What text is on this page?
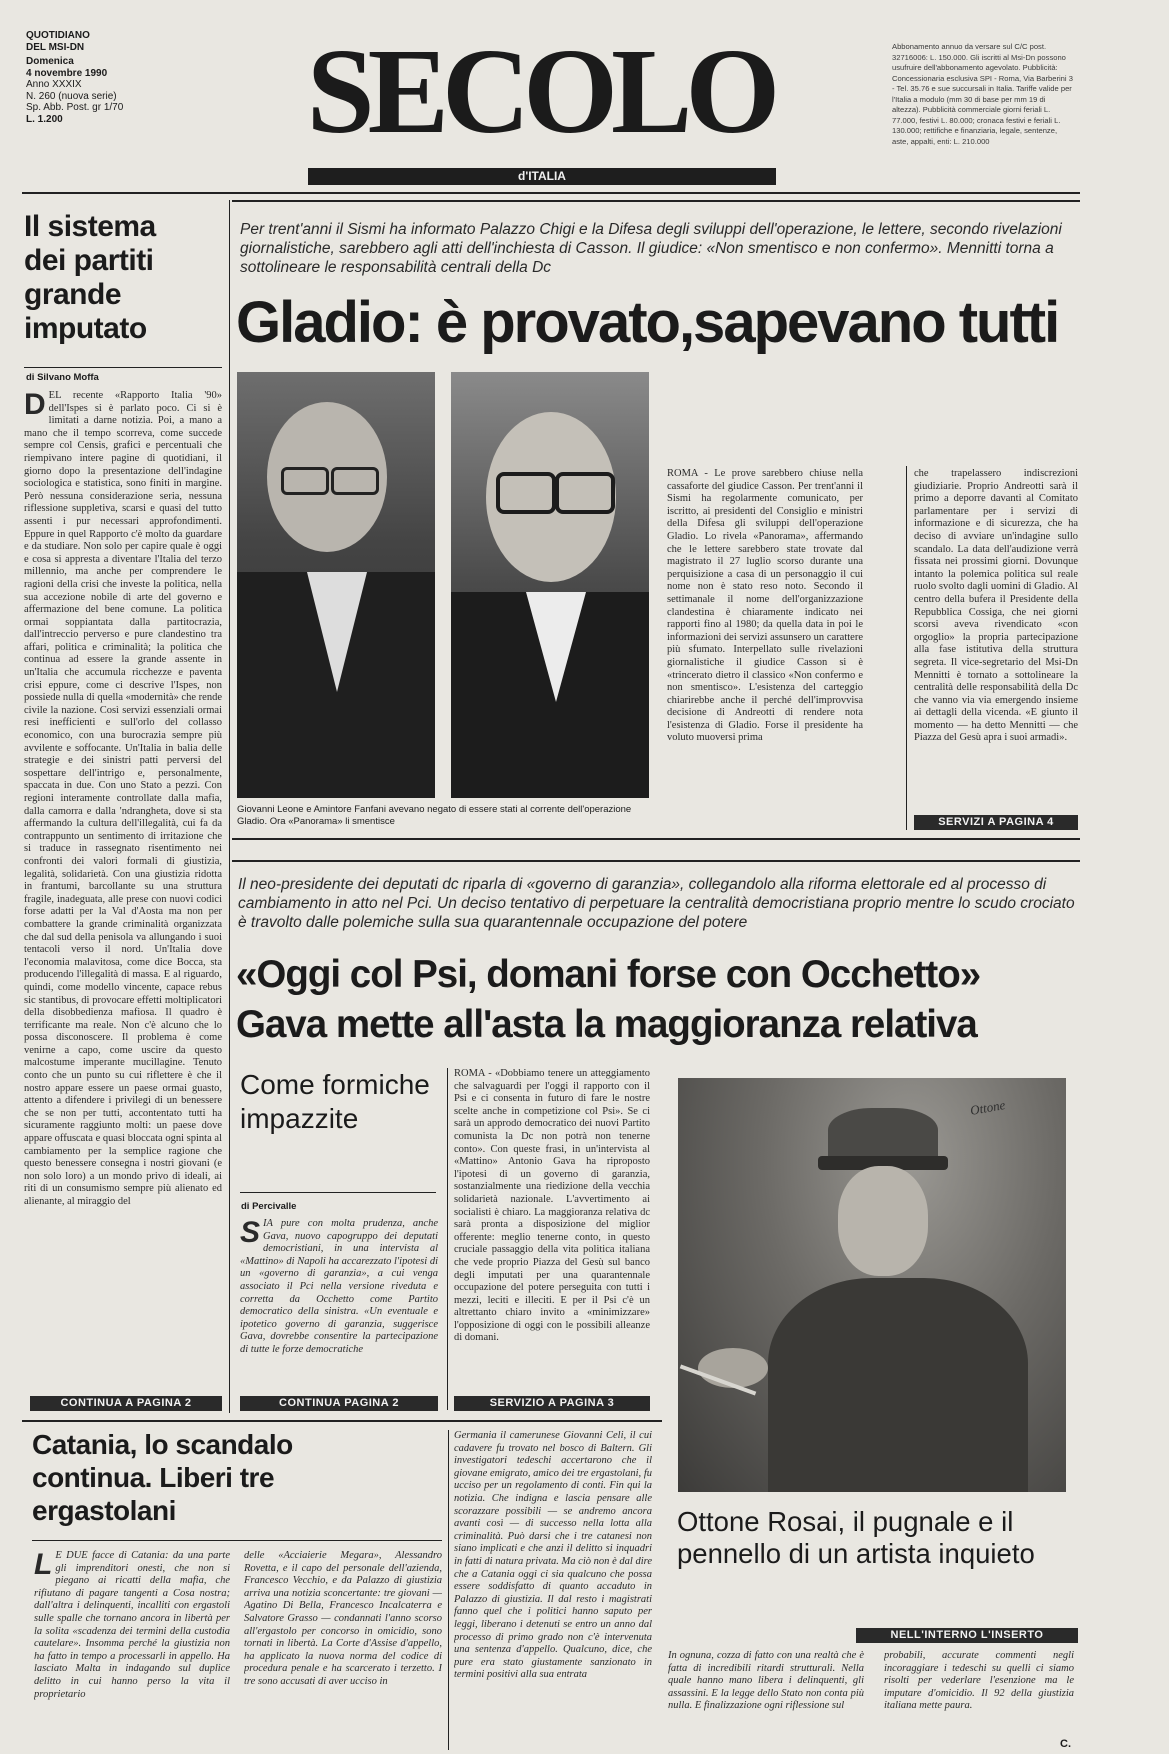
QUOTIDIANO
DEL MSI-DN
Domenica
4 novembre 1990
Anno XXXIX
N. 260 (nuova serie)
Sp. Abb. Post. gr 1/70
L. 1.200	SECOLO
d'ITALIA
Abbonamento annuo da versare sul C/C post. 32716006: L. 150.000. Gli iscritti al Msi-Dn possono usufruire dell'abbonamento agevolato. Pubblicità: Concessionaria esclusiva SPI - Roma, Via Barberini 3 - Tel. 35.76 e sue succursali in Italia. Tariffe valide per l'Italia a modulo (mm 30 di base per mm 19 di altezza). Pubblicità commerciale giorni feriali L. 77.000, festivi L. 80.000; cronaca festivi e feriali L. 130.000; rettifiche e finanziaria, legale, sentenze, aste, appalti, enti: L. 210.000
Il sistema dei partiti grande imputato
di Silvano Moffa
DEL recente «Rapporto Italia '90» dell'Ispes si è parlato poco. Ci si è limitati a darne notizia. Poi, a mano a mano che il tempo scorreva, come succede sempre col Censis, grafici e percentuali che riempivano intere pagine di quotidiani, il giorno dopo la presentazione dell'indagine sociologica e statistica, sono finiti in margine. Però nessuna considerazione seria, nessuna riflessione suppletiva, scarsi e quasi del tutto assenti i pur necessari approfondimenti. Eppure in quel Rapporto c'è molto da guardare e da studiare. Non solo per capire quale è oggi e cosa si appresta a diventare l'Italia del terzo millennio, ma anche per comprendere le ragioni della crisi che investe la politica, nella sua accezione nobile di arte del governo e affermazione del bene comune. La politica ormai soppiantata dalla partitocrazia, dall'intreccio perverso e pure clandestino tra affari, politica e criminalità; la politica che continua ad essere la grande assente in un'Italia che accumula ricchezze e paventa crisi eppure, come ci descrive l'Ispes, non possiede nulla di quella «modernità» che rende civile la nazione. Così servizi essenziali ormai resi inefficienti e sull'orlo del collasso economico, con una burocrazia sempre più avvilente e soffocante. Un'Italia in balia delle strategie e dei sinistri patti perversi del sospettare dell'intrigo e, personalmente, spaccata in due. Con uno Stato a pezzi. Con regioni interamente controllate dalla mafia, dalla camorra e dalla 'ndrangheta, dove si sta affermando la cultura dell'illegalità, cui fa da contrappunto un sentimento di irritazione che si traduce in rassegnato risentimento nei confronti dei valori formali di giustizia, legalità, solidarietà. Con una giustizia ridotta in frantumi, barcollante su una struttura fragile, inadeguata, alle prese con nuovi codici forse adatti per la Val d'Aosta ma non per combattere la grande criminalità organizzata che dal sud della penisola va allungando i suoi tentacoli verso il nord. Un'Italia dove l'economia malavitosa, come dice Bocca, sta producendo l'illegalità di massa. E al riguardo, quindi, come modello vincente, capace rebus sic stantibus, di provocare effetti moltiplicatori della disobbedienza mafiosa. Il quadro è terrificante ma reale. Non c'è alcuno che lo possa disconoscere. Il problema è come venirne a capo, come uscire da questo malcostume imperante mucillagine. Tenuto conto che un punto su cui riflettere è che il nostro appare essere un paese ormai guasto, attento a difendere i privilegi di un benessere che se non per tutti, accontentato tutti ha sicuramente raggiunto molti: un paese dove appare offuscata e quasi bloccata ogni spinta al cambiamento per la semplice ragione che questo benessere consegna i nostri giovani (e non solo loro) a un mondo privo di ideali, ai riti di un consumismo sempre più alienato ed alienante, al miraggio del
CONTINUA A PAGINA 2
Per trent'anni il Sismi ha informato Palazzo Chigi e la Difesa degli sviluppi dell'operazione, le lettere, secondo rivelazioni giornalistiche, sarebbero agli atti dell'inchiesta di Casson. Il giudice: «Non smentisco e non confermo». Mennitti torna a sottolineare le responsabilità centrali della Dc
Gladio: è provato,sapevano tutti
Giovanni Leone e Amintore Fanfani avevano negato di essere stati al corrente dell'operazione Gladio. Ora «Panorama» li smentisce
ROMA - Le prove sarebbero chiuse nella cassaforte del giudice Casson. Per trent'anni il Sismi ha regolarmente comunicato, per iscritto, ai presidenti del Consiglio e ministri della Difesa gli sviluppi dell'operazione Gladio. Lo rivela «Panorama», affermando che le lettere sarebbero state trovate dal magistrato il 27 luglio scorso durante una perquisizione a casa di un personaggio il cui nome non è stato reso noto. Secondo il settimanale il nome dell'organizzazione clandestina è chiaramente indicato nei rapporti fino al 1980; da quella data in poi le informazioni dei servizi assunsero un carattere più sfumato. Interpellato sulle rivelazioni giornalistiche il giudice Casson si è «trincerato dietro il classico «Non confermo e non smentisco». L'esistenza del carteggio chiarirebbe anche il perché dell'improvvisa decisione di Andreotti di rendere nota l'esistenza di Gladio. Forse il presidente ha voluto muoversi prima
che trapelassero indiscrezioni giudiziarie. Proprio Andreotti sarà il primo a deporre davanti al Comitato parlamentare per i servizi di informazione e di sicurezza, che ha deciso di avviare un'indagine sullo scandalo. La data dell'audizione verrà fissata nei prossimi giorni. Dovunque intanto la polemica politica sul reale ruolo svolto dagli uomini di Gladio. Al centro della bufera il Presidente della Repubblica Cossiga, che nei giorni scorsi aveva rivendicato «con orgoglio» la propria partecipazione alla fase istitutiva della struttura segreta. Il vice-segretario del Msi-Dn Mennitti è tornato a sottolineare la centralità delle responsabilità della Dc che vanno via via emergendo insieme ai dettagli della vicenda. «E giunto il momento — ha detto Mennitti — che Piazza del Gesù apra i suoi armadi».
SERVIZI A PAGINA 4
Il neo-presidente dei deputati dc riparla di «governo di garanzia», collegandolo alla riforma elettorale ed al processo di cambiamento in atto nel Pci. Un deciso tentativo di perpetuare la centralità democristiana proprio mentre lo scudo crociato è travolto dalle polemiche sulla sua quarantennale occupazione del potere
«Oggi col Psi, domani forse con Occhetto»
Gava mette all'asta la maggioranza relativa
Come formiche impazzite
di Percivalle
SIA pure con molta prudenza, anche Gava, nuovo capogruppo dei deputati democristiani, in una intervista al «Mattino» di Napoli ha accarezzato l'ipotesi di un «governo di garanzia», a cui venga associato il Pci nella versione riveduta e corretta da Occhetto come Partito democratico della sinistra. «Un eventuale e ipotetico governo di garanzia, suggerisce Gava, dovrebbe consentire la partecipazione di tutte le forze democratiche
CONTINUA PAGINA 2
ROMA - «Dobbiamo tenere un atteggiamento che salvaguardi per l'oggi il rapporto con il Psi e ci consenta in futuro di fare le nostre scelte anche in competizione col Psi». Se ci sarà un approdo democratico dei nuovi Partito comunista la Dc non potrà non tenerne conto». Con queste frasi, in un'intervista al «Mattino» Antonio Gava ha riproposto l'ipotesi di un governo di garanzia, sostanzialmente una riedizione della vecchia solidarietà nazionale. L'avvertimento ai socialisti è chiaro. La maggioranza relativa dc sarà pronta a disposizione del miglior offerente: meglio tenerne conto, in questo cruciale passaggio della vita politica italiana che vede proprio Piazza del Gesù sul banco degli imputati per una quarantennale occupazione del potere perseguita con tutti i mezzi, leciti e illeciti. E per il Psi c'è un altrettanto chiaro invito a «minimizzare» l'opposizione di oggi con le possibili alleanze di domani.
SERVIZIO A PAGINA 3
Ottone
Ottone Rosai, il pugnale e il pennello di un artista inquieto
NELL'INTERNO L'INSERTO
In ognuna, cozza di fatto con una realtà che è fatta di incredibili ritardi strutturali. Nella quale hanno mano libera i delinquenti, gli assassini. E la legge dello Stato non conta più nulla. E finalizzazione ogni riflessione sul
probabili, accurate commenti negli incoraggiare i tedeschi su quelli ci siamo risolti per vederlare l'esenzione ma le imputare d'omicidio. Il 92 della giustizia italiana mette paura.
C.
Catania, lo scandalo continua. Liberi tre ergastolani
L E DUE facce di Catania: da una parte gli imprenditori onesti, che non si piegano ai ricatti della mafia, che rifiutano di pagare tangenti a Cosa nostra; dall'altra i delinquenti, incalliti con ergastoli sulle spalle che tornano ancora in libertà per la solita «scadenza dei termini della custodia cautelare». Insomma perché la giustizia non ha fatto in tempo a processarli in appello. Ha lasciato Malta in indagando sul duplice delitto in cui hanno perso la vita il proprietario
delle «Acciaierie Megara», Alessandro Rovetta, e il capo del personale dell'azienda, Francesco Vecchio, e da Palazzo di giustizia arriva una notizia sconcertante: tre giovani — Agatino Di Bella, Francesco Incalcaterra e Salvatore Grasso — condannati l'anno scorso all'ergastolo per concorso in omicidio, sono tornati in libertà. La Corte d'Assise d'appello, ha applicato la nuova norma del codice di procedura penale e ha scarcerato i terzetto. I tre sono accusati di aver ucciso in
Germania il camerunese Giovanni Celi, il cui cadavere fu trovato nel bosco di Baltern. Gli investigatori tedeschi accertarono che il giovane emigrato, amico dei tre ergastolani, fu ucciso per un regolamento di conti. Fin qui la notizia. Che indigna e lascia pensare alle scorazzare possibili — se andremo ancora avanti così — di successo nella lotta alla criminalità. Può darsi che i tre catanesi non siano implicati e che anzi il delitto si inquadri in fatti di natura privata. Ma ciò non è dal dire che a Catania oggi ci sia qualcuno che possa essere soddisfatto di quanto accaduto in Palazzo di giustizia. Il dal resto i magistrati fanno quel che i politici hanno saputo per leggi, liberano i detenuti se entro un anno dal processo di primo grado non c'è intervenuta una sentenza d'appello. Qualcuno, dice, che pure era stato giustamente sanzionato in termini positivi alla sua entrata
